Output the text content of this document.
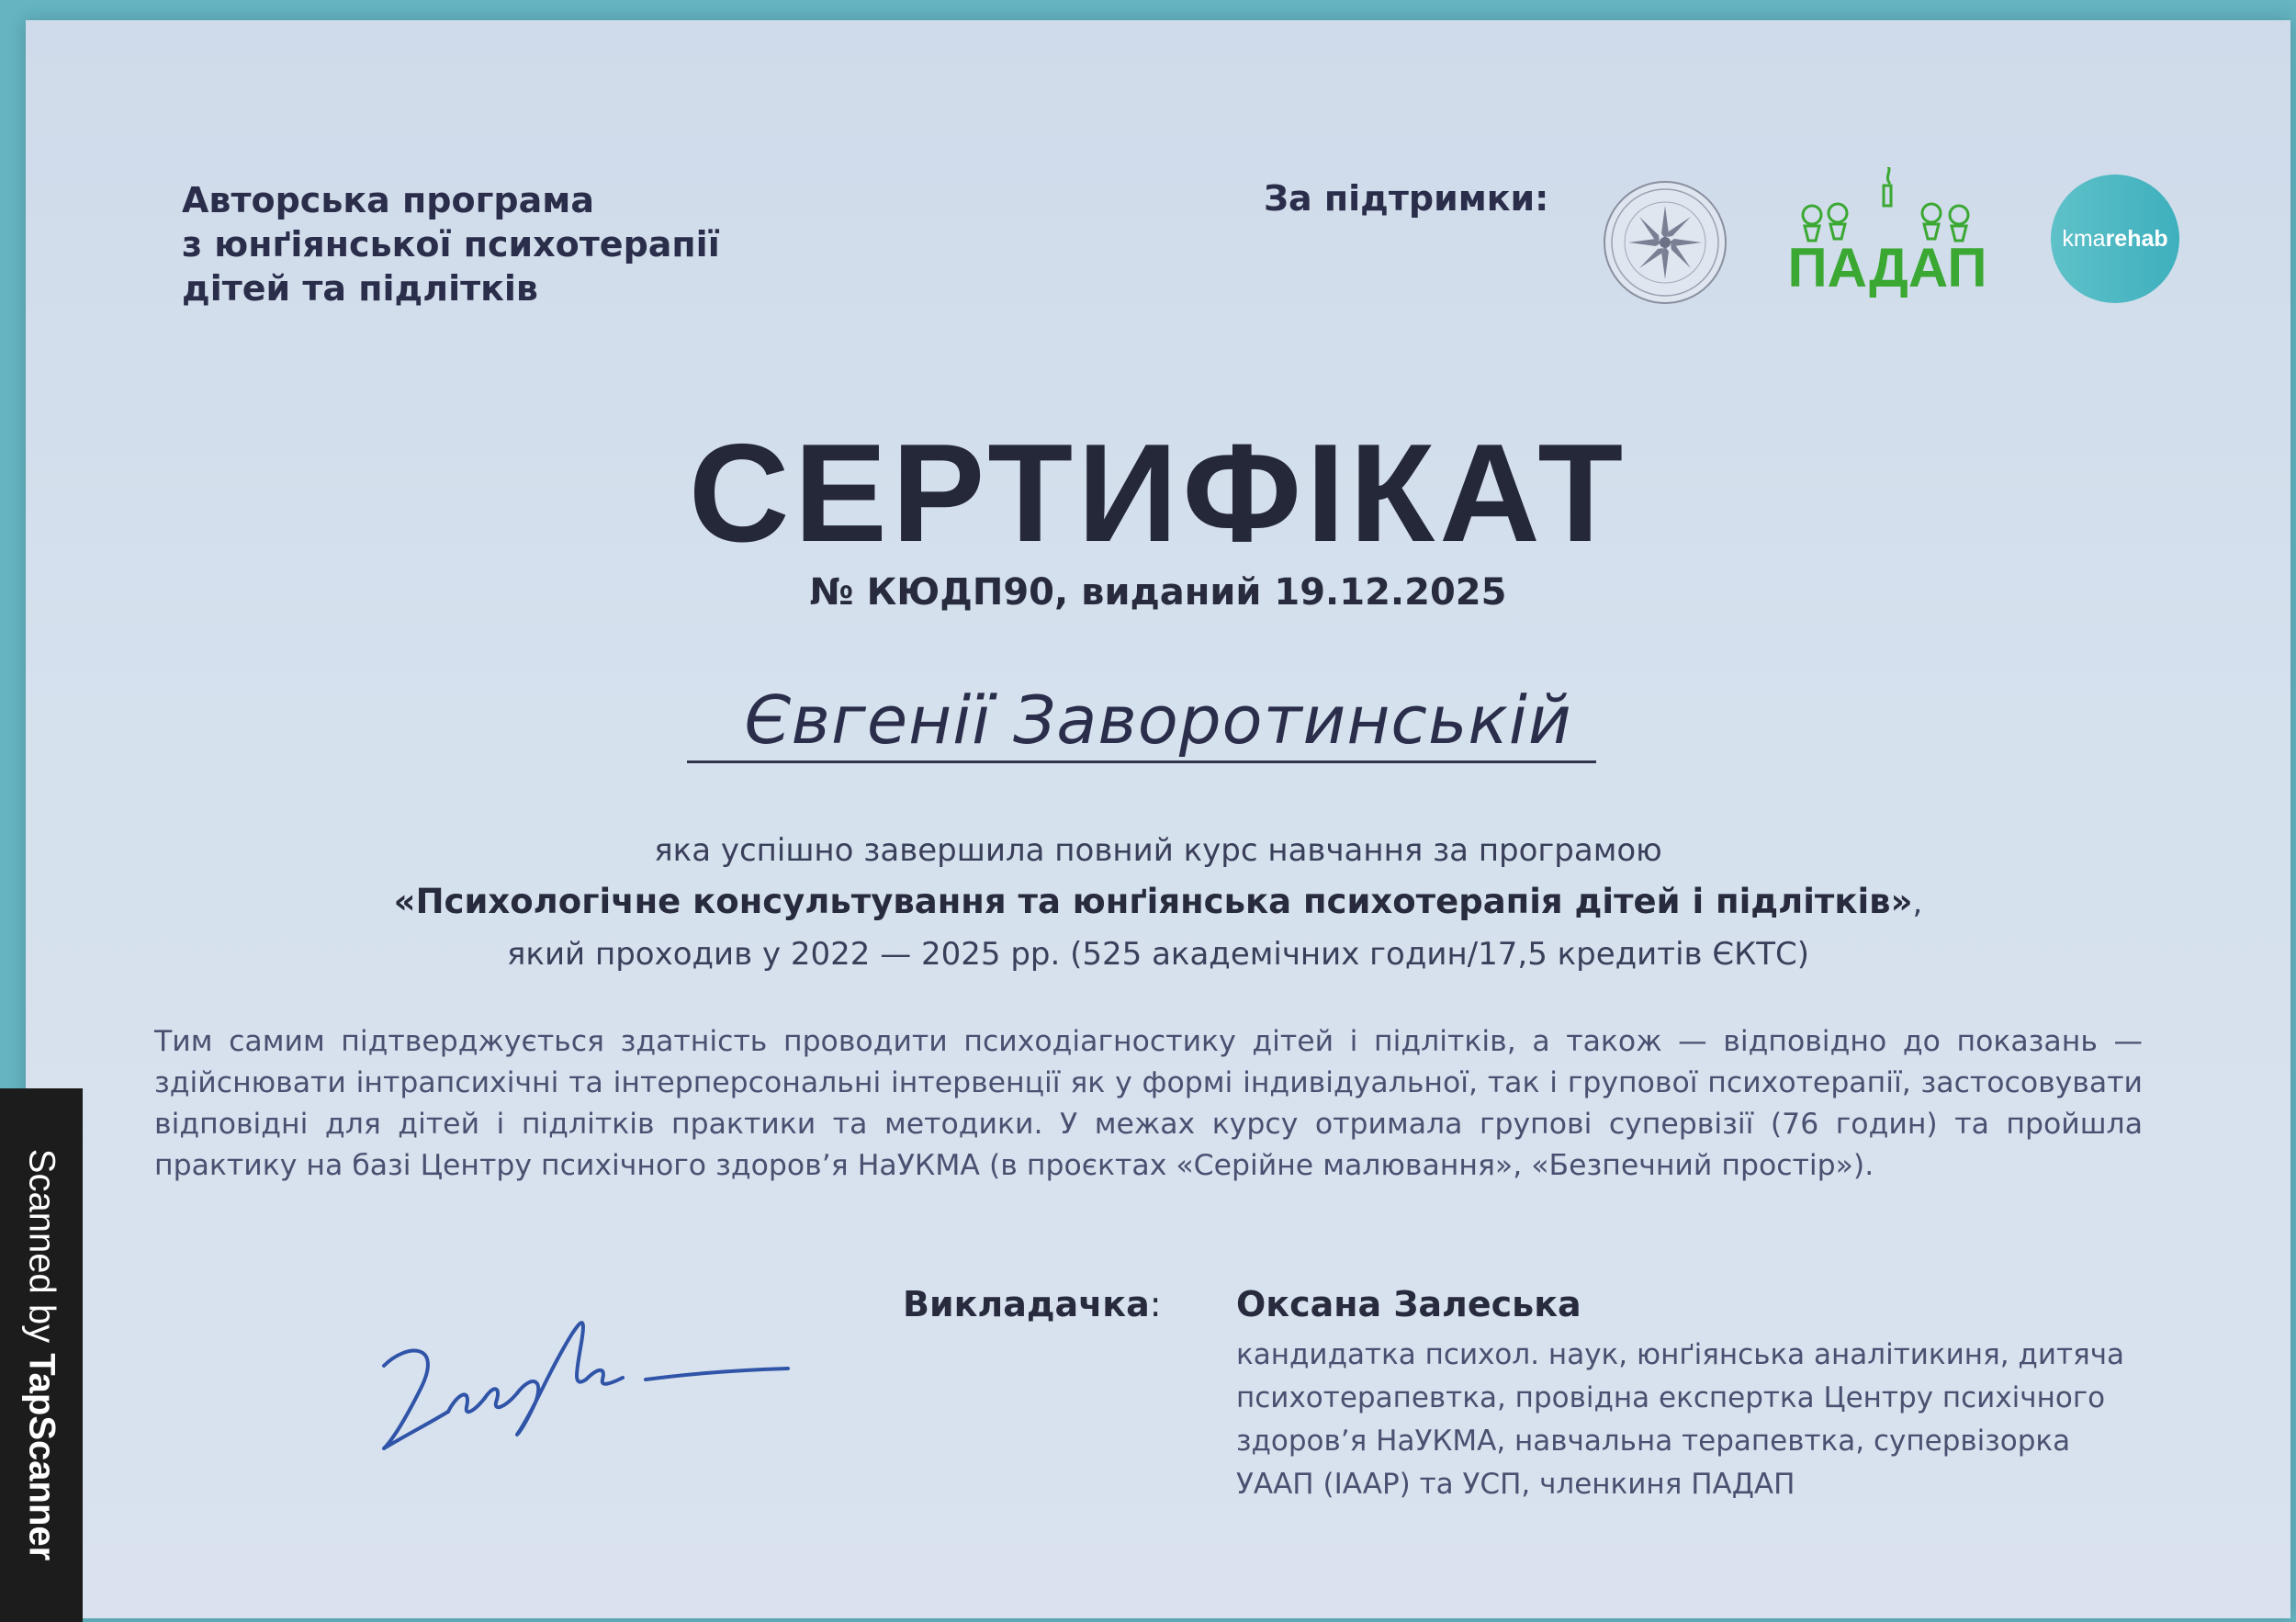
Авторська програма
з юнґіянської психотерапії
дітей та підлітків
За підтримки:
ПАДАП	kma rehab
СЕРТИФІКАТ
№ КЮДП90, виданий 19.12.2025
Євгенії Заворотинській
яка успішно завершила повний курс навчання за програмою
«Психологічне консультування та юнґіянська психотерапія дітей і підлітків»,
який проходив у 2022 — 2025 рр. (525 академічних годин/17,5 кредитів ЄКТС)
Тим самим підтверджується здатність проводити психодіагностику дітей і підлітків, а також — відповідно до показань — здійснювати інтрапсихічні та інтерперсональні інтервенції як у формі індивідуальної, так і групової психотерапії, застосовувати відповідні для дітей і підлітків практики та методики. У межах курсу отримала групові супервізії (76 годин) та пройшла практику на базі Центру психічного здоров’я НаУКМА (в проєктах «Серійне малювання», «Безпечний простір»).
Викладачка: Оксана Залеська
кандидатка психол. наук, юнґіянська аналітикиня, дитяча
психотерапевтка, провідна експертка Центру психічного
здоров’я НаУКМА, навчальна терапевтка, супервізорка
УААП (IAAP) та УСП, членкиня ПАДАП
Scanned by TapScanner
